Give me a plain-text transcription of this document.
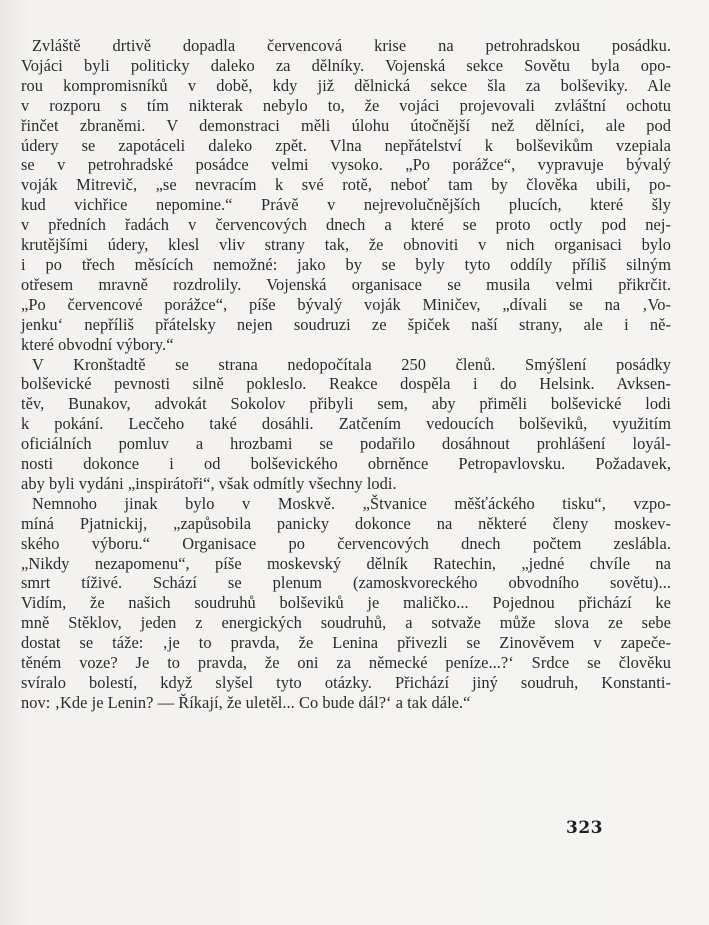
Zvláště drtivě dopadla červencová krise na petrohradskou posádku.
Vojáci byli politicky daleko za dělníky. Vojenská sekce Sovětu byla opo-
rou kompromisníků v době, kdy již dělnická sekce šla za bolševiky. Ale
v rozporu s tím nikterak nebylo to, že vojáci projevovali zvláštní ochotu
řinčet zbraněmi. V demonstraci měli úlohu útočnější než dělníci, ale pod
údery se zapotáceli daleko zpět. Vlna nepřátelství k bolševikům vzepiala
se v petrohradské posádce velmi vysoko. „Po porážce“, vypravuje bývalý
voják Mitrevič, „se nevracím k své rotě, neboť tam by člověka ubili, po-
kud vichřice nepomine.“ Právě v nejrevolučnějších plucích, které šly
v předních řadách v červencových dnech a které se proto octly pod nej-
krutějšími údery, klesl vliv strany tak, že obnoviti v nich organisaci bylo
i po třech měsících nemožné: jako by se byly tyto oddíly příliš silným
otřesem mravně rozdrolily. Vojenská organisace se musila velmi přikrčit.
„Po červencové porážce“, píše bývalý voják Miničev, „dívali se na ‚Vo-
jenku‘ nepříliš přátelsky nejen soudruzi ze špiček naší strany, ale i ně-
které obvodní výbory.“
V Kronštadtě se strana nedopočítala 250 členů. Smýšlení posádky
bolševické pevnosti silně pokleslo. Reakce dospěla i do Helsink. Avksen-
těv, Bunakov, advokát Sokolov přibyli sem, aby přiměli bolševické lodi
k pokání. Lecčeho také dosáhli. Zatčením vedoucích bolševiků, využitím
oficiálních pomluv a hrozbami se podařilo dosáhnout prohlášení loyál-
nosti dokonce i od bolševického obrněnce Petropavlovsku. Požadavek,
aby byli vydáni „inspirátoři“, však odmítly všechny lodi.
Nemnoho jinak bylo v Moskvě. „Štvanice měšťáckého tisku“, vzpo-
míná Pjatnickij, „zapůsobila panicky dokonce na některé členy moskev-
ského výboru.“ Organisace po červencových dnech počtem zeslábla.
„Nikdy nezapomenu“, píše moskevský dělník Ratechin, „jedné chvíle na
smrt tíživé. Schází se plenum (zamoskvoreckého obvodního sovětu)...
Vidím, že našich soudruhů bolševiků je maličko... Pojednou přichází ke
mně Stěklov, jeden z energických soudruhů, a sotvaže může slova ze sebe
dostat se táže: ‚je to pravda, že Lenina přivezli se Zinověvem v zapeče-
těném voze? Je to pravda, že oni za německé peníze...?‘ Srdce se člověku
svíralo bolestí, když slyšel tyto otázky. Přichází jiný soudruh, Konstanti-
nov: ‚Kde je Lenin? — Říkají, že uletěl... Co bude dál?‘ a tak dále.“
323
